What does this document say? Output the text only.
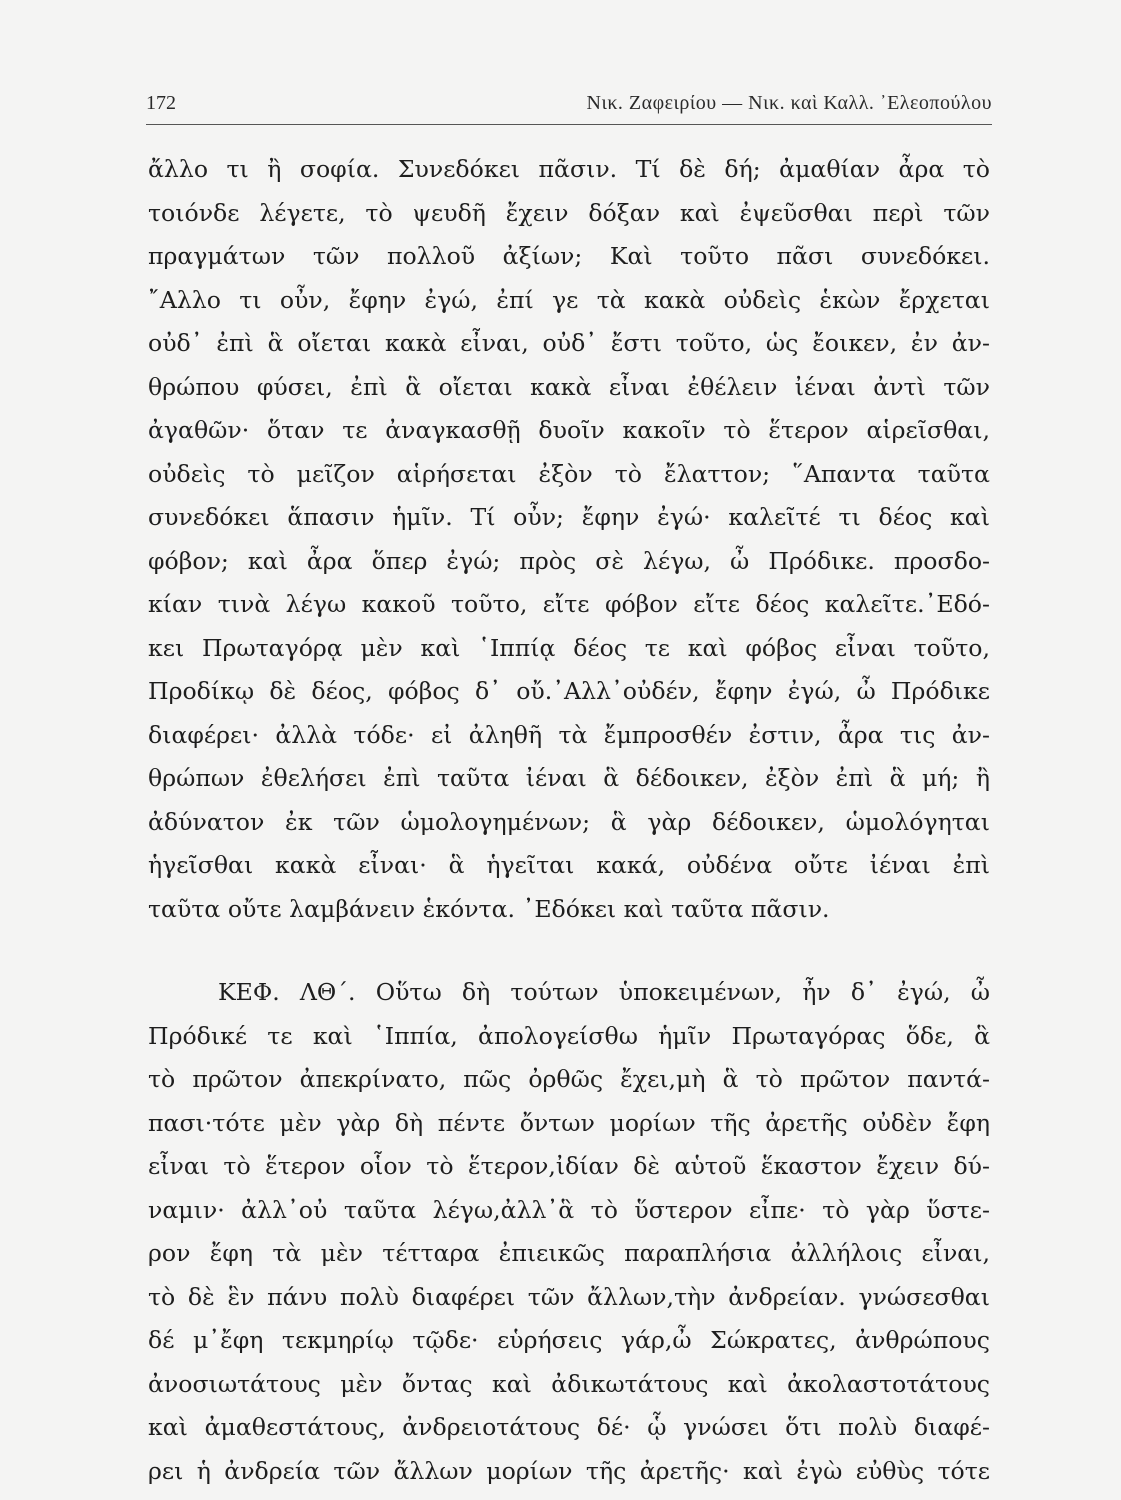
172	Νικ. Ζαφειρίου — Νικ. καὶ Καλλ. ᾿Ελεοπούλου
ἄλλο τι ἢ σοφία. Συνεδόκει πᾶσιν. Τί δὲ δή; ἀμαθίαν ἆρα τὸ
τοιόνδε λέγετε, τὸ ψευδῆ ἔχειν δόξαν καὶ ἐψεῦσθαι περὶ τῶν
πραγμάτων τῶν πολλοῦ ἀξίων; Καὶ τοῦτο πᾶσι συνεδόκει.
῎Αλλο τι οὖν, ἔφην ἐγώ, ἐπί γε τὰ κακὰ οὐδεὶς ἑκὼν ἔρχεται
οὐδ᾿ ἐπὶ ἃ οἴεται κακὰ εἶναι, οὐδ᾿ ἔστι τοῦτο, ὡς ἔοικεν, ἐν ἀν-
θρώπου φύσει, ἐπὶ ἃ οἴεται κακὰ εἶναι ἐθέλειν ἰέναι ἀντὶ τῶν
ἀγαθῶν· ὅταν τε ἀναγκασθῇ δυοῖν κακοῖν τὸ ἕτερον αἱρεῖσθαι,
οὐδεὶς τὸ μεῖζον αἱρήσεται ἐξὸν τὸ ἔλαττον; ῞Απαντα ταῦτα
συνεδόκει ἅπασιν ἡμῖν. Τί οὖν; ἔφην ἐγώ· καλεῖτέ τι δέος καὶ
φόβον; καὶ ἆρα ὅπερ ἐγώ; πρὸς σὲ λέγω, ὦ Πρόδικε. προσδο-
κίαν τινὰ λέγω κακοῦ τοῦτο, εἴτε φόβον εἴτε δέος καλεῖτε.᾿Εδό-
κει Πρωταγόρᾳ μὲν καὶ ῾Ιππίᾳ δέος τε καὶ φόβος εἶναι τοῦτο,
Προδίκῳ δὲ δέος, φόβος δ᾿ οὔ.᾿Αλλ᾿οὐδέν, ἔφην ἐγώ, ὦ Πρόδικε
διαφέρει· ἀλλὰ τόδε· εἰ ἀληθῆ τὰ ἔμπροσθέν ἐστιν, ἆρα τις ἀν-
θρώπων ἐθελήσει ἐπὶ ταῦτα ἰέναι ἃ δέδοικεν, ἐξὸν ἐπὶ ἃ μή; ἢ
ἀδύνατον ἐκ τῶν ὡμολογημένων; ἃ γὰρ δέδοικεν, ὡμολόγηται
ἡγεῖσθαι κακὰ εἶναι· ἃ ἡγεῖται κακά, οὐδένα οὔτε ἰέναι ἐπὶ
ταῦτα οὔτε λαμβάνειν ἑκόντα. ᾿Εδόκει καὶ ταῦτα πᾶσιν.
ΚΕΦ. ΛΘ΄. Οὕτω δὴ τούτων ὑποκειμένων, ἦν δ᾿ ἐγώ, ὦ
Πρόδικέ τε καὶ ῾Ιππία, ἀπολογείσθω ἡμῖν Πρωταγόρας ὅδε, ἃ
τὸ πρῶτον ἀπεκρίνατο, πῶς ὀρθῶς ἔχει,μὴ ἃ τὸ πρῶτον παντά-
πασι·τότε μὲν γὰρ δὴ πέντε ὄντων μορίων τῆς ἀρετῆς οὐδὲν ἔφη
εἶναι τὸ ἕτερον οἷον τὸ ἕτερον,ἰδίαν δὲ αὑτοῦ ἕκαστον ἔχειν δύ-
ναμιν· ἀλλ᾿οὐ ταῦτα λέγω,ἀλλ᾿ἃ τὸ ὕστερον εἶπε· τὸ γὰρ ὕστε-
ρον ἔφη τὰ μὲν τέτταρα ἐπιεικῶς παραπλήσια ἀλλήλοις εἶναι,
τὸ δὲ ἓν πάνυ πολὺ διαφέρει τῶν ἄλλων,τὴν ἀνδρείαν. γνώσεσθαι
δέ μ᾿ἔφη τεκμηρίῳ τῷδε· εὑρήσεις γάρ,ὦ Σώκρατες, ἀνθρώπους
ἀνοσιωτάτους μὲν ὄντας καὶ ἀδικωτάτους καὶ ἀκολαστοτάτους
καὶ ἀμαθεστάτους, ἀνδρειοτάτους δέ· ᾧ γνώσει ὅτι πολὺ διαφέ-
ρει ἡ ἀνδρεία τῶν ἄλλων μορίων τῆς ἀρετῆς· καὶ ἐγὼ εὐθὺς τότε
